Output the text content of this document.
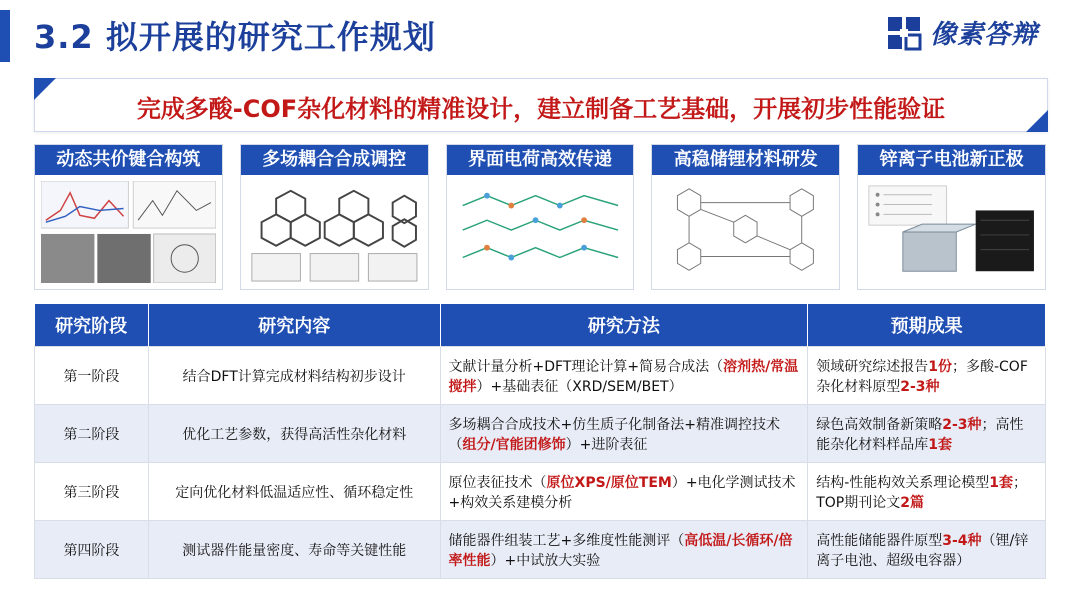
3.2 拟开展的研究工作规划	像素答辩
完成多酸-COF杂化材料的精准设计，建立制备工艺基础，开展初步性能验证
动态共价键合构筑	多场耦合合成调控	界面电荷高效传递	高稳储锂材料研发	锌离子电池新正极
研究阶段	研究内容	研究方法	预期成果
第一阶段	结合DFT计算完成材料结构初步设计	文献计量分析+DFT理论计算+简易合成法（溶剂热/常温搅拌）+基础表征（XRD/SEM/BET）	领域研究综述报告1份；多酸-COF杂化材料原型2-3种
第二阶段	优化工艺参数，获得高活性杂化材料	多场耦合合成技术+仿生质子化制备法+精准调控技术（组分/官能团修饰）+进阶表征	绿色高效制备新策略2-3种；高性能杂化材料样品库1套
第三阶段	定向优化材料低温适应性、循环稳定性	原位表征技术（原位XPS/原位TEM）+电化学测试技术+构效关系建模分析	结构-性能构效关系理论模型1套；TOP期刊论文2篇
第四阶段	测试器件能量密度、寿命等关键性能	储能器件组装工艺+多维度性能测评（高低温/长循环/倍率性能）+中试放大实验	高性能储能器件原型3-4种（锂/锌离子电池、超级电容器）
